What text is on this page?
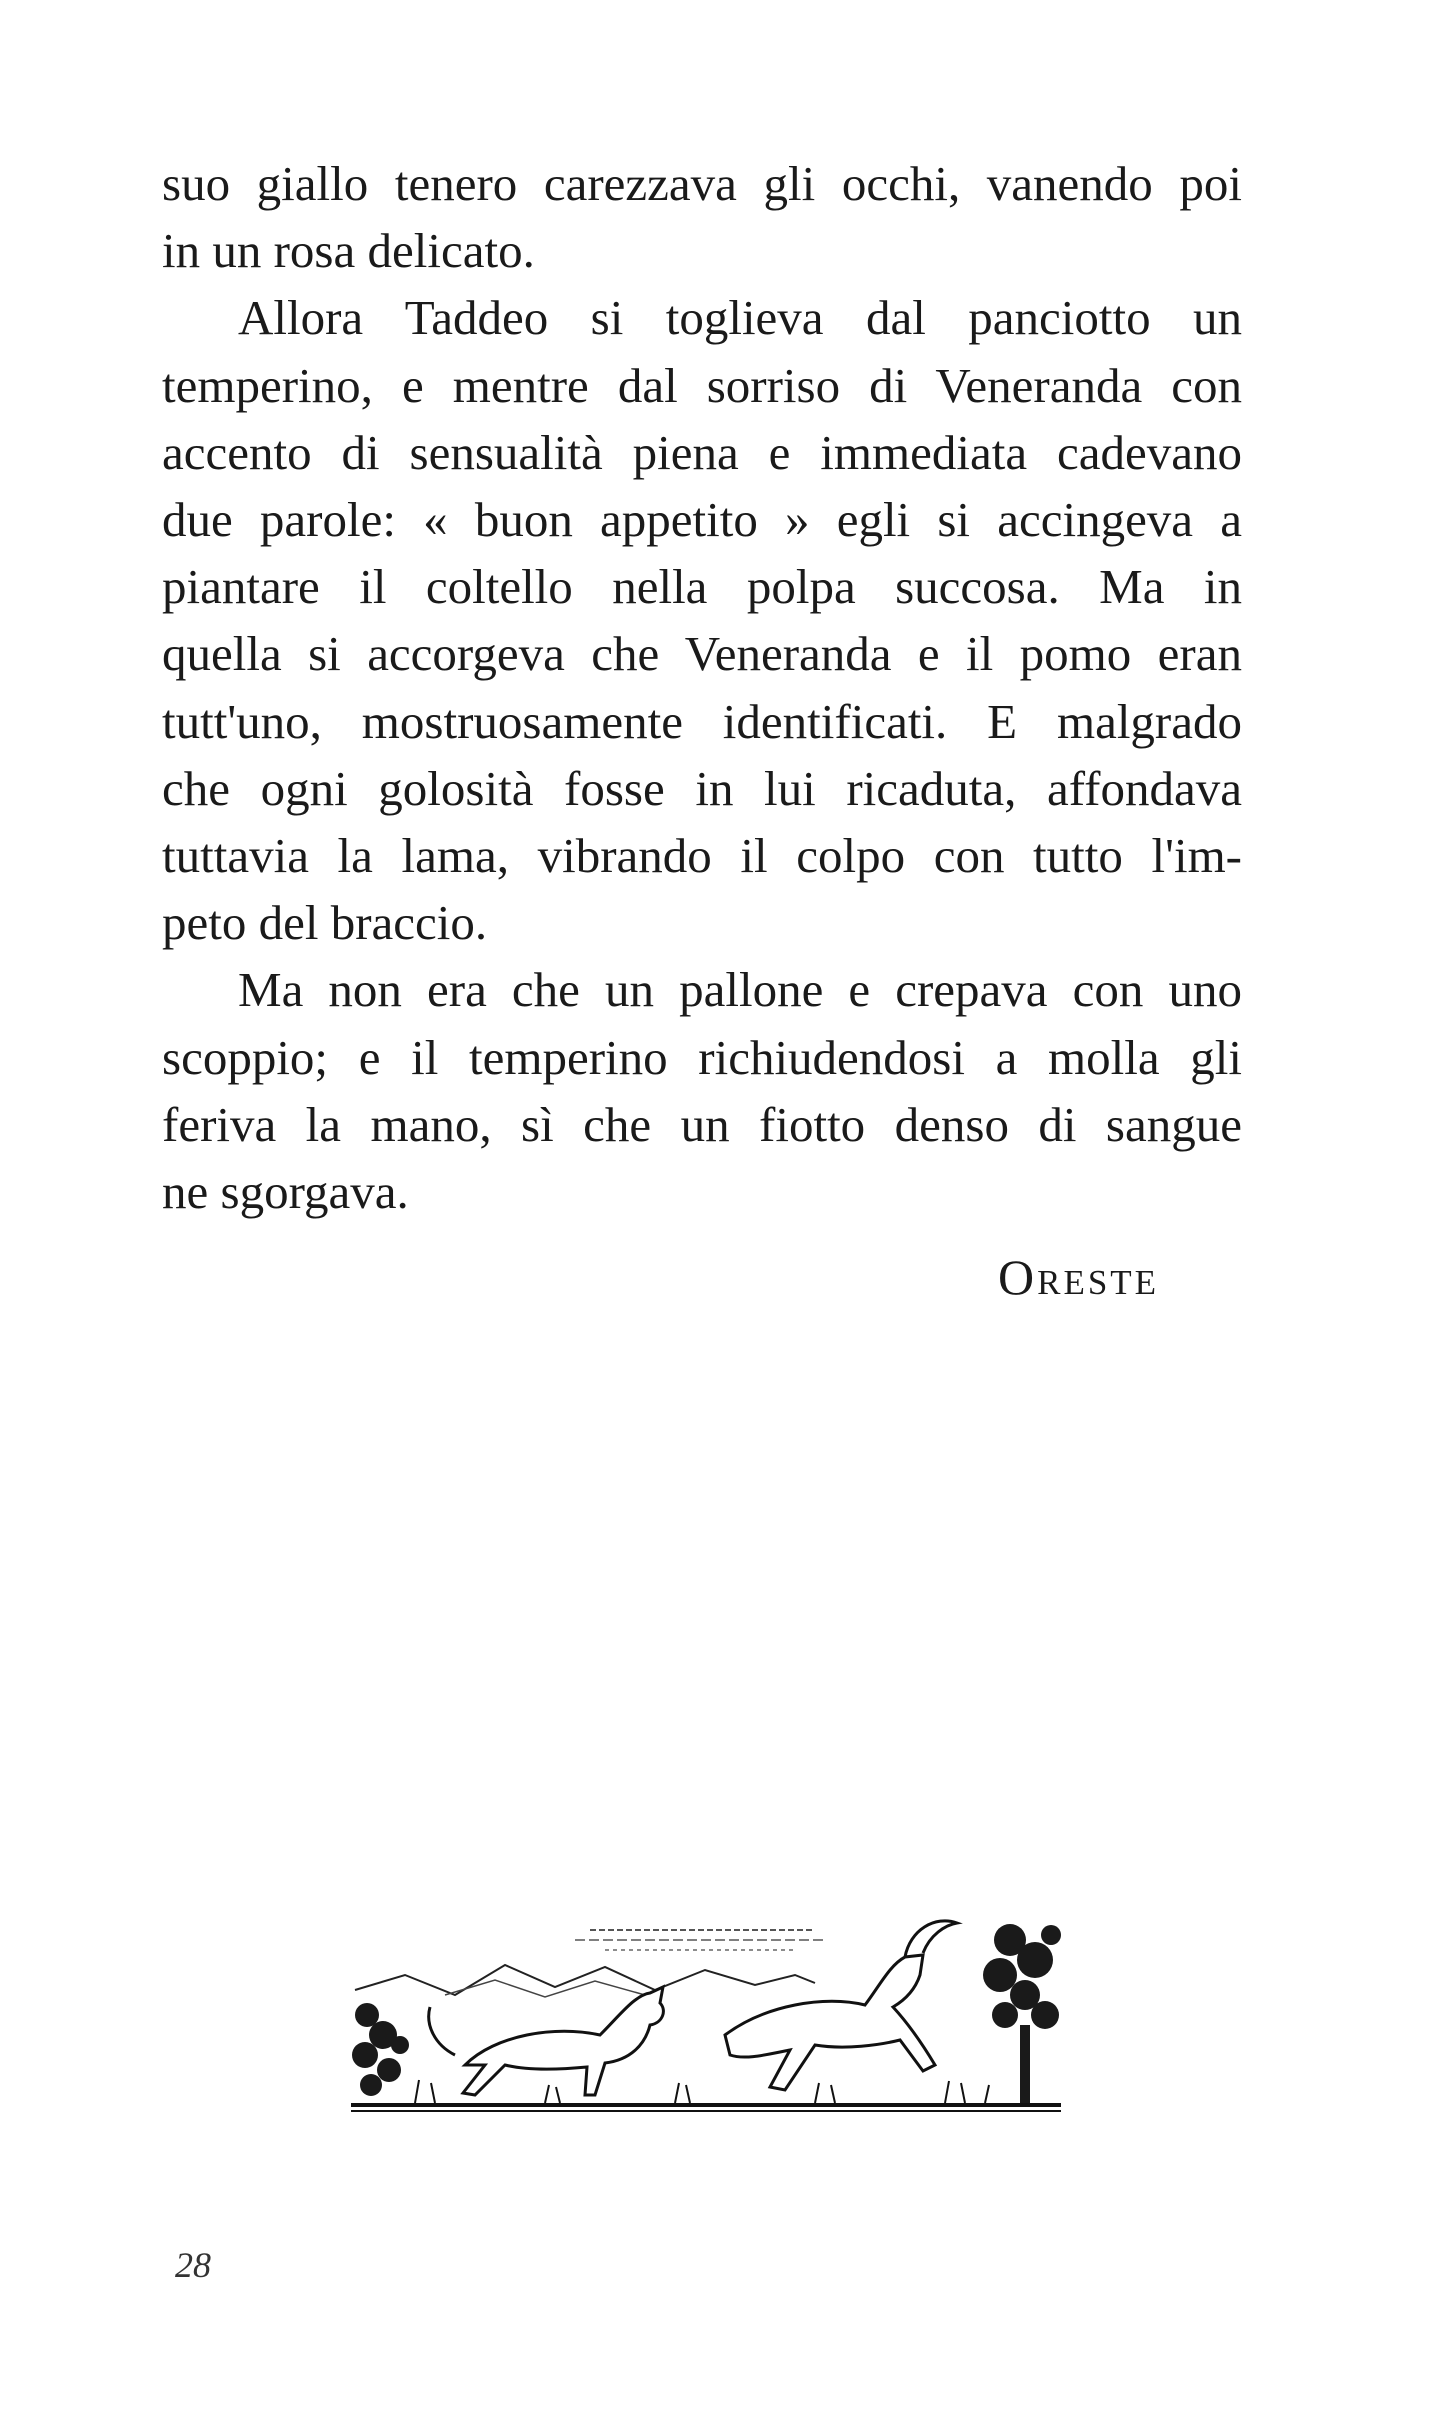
suo giallo tenero carezzava gli occhi, vanendo poi
in un rosa delicato.
Allora Taddeo si toglieva dal panciotto un
temperino, e mentre dal sorriso di Veneranda con
accento di sensualità piena e immediata cadevano
due parole: « buon appetito » egli si accingeva a
piantare il coltello nella polpa succosa. Ma in
quella si accorgeva che Veneranda e il pomo eran
tutt'uno, mostruosamente identificati. E malgrado
che ogni golosità fosse in lui ricaduta, affondava
tuttavia la lama, vibrando il colpo con tutto l'im-
peto del braccio.
Ma non era che un pallone e crepava con uno
scoppio; e il temperino richiudendosi a molla gli
feriva la mano, sì che un fiotto denso di sangue
ne sgorgava.
Oreste
28
